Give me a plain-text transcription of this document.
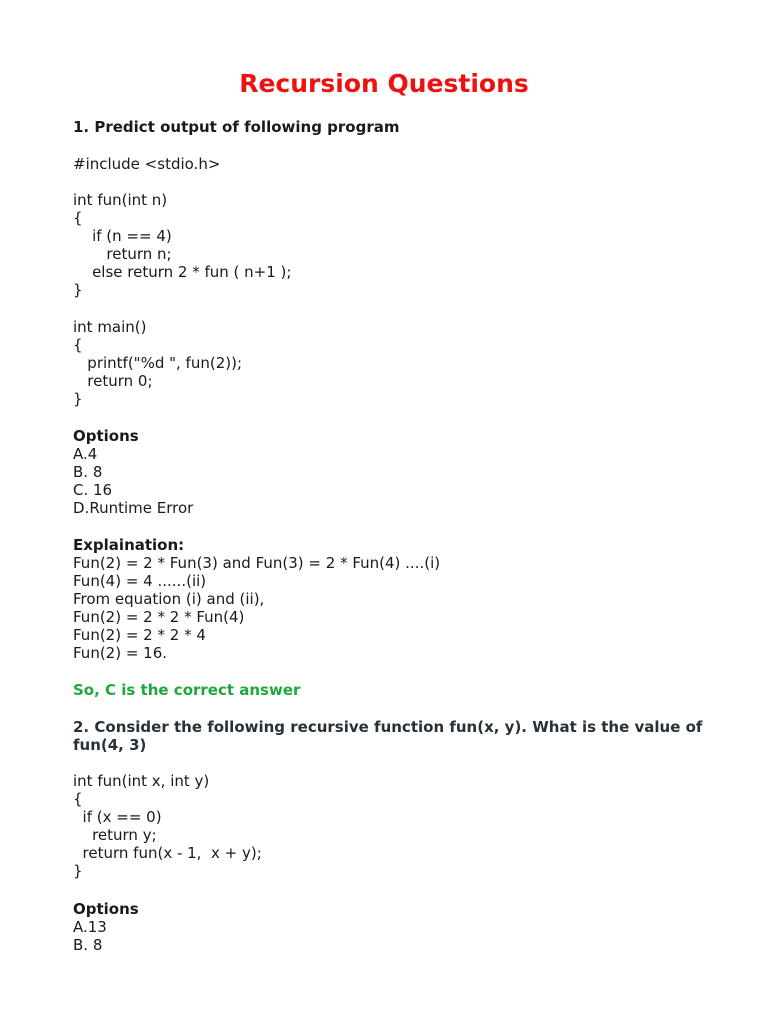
Recursion Questions
1. Predict output of following program
#include <stdio.h>
int fun(int n)
{
if (n == 4)
return n;
else return 2 * fun ( n+1 );
}
int main()
{
printf("%d ", fun(2));
return 0;
}
Options
A.4
B. 8
C. 16
D.Runtime Error
Explaination:
Fun(2) = 2 * Fun(3) and Fun(3) = 2 * Fun(4) ....(i)
Fun(4) = 4 ......(ii)
From equation (i) and (ii),
Fun(2) = 2 * 2 * Fun(4)
Fun(2) = 2 * 2 * 4
Fun(2) = 16.
So, C is the correct answer
2. Consider the following recursive function fun(x, y). What is the value of
fun(4, 3)
int fun(int x, int y)
{
if (x == 0)
return y;
return fun(x - 1,  x + y);
}
Options
A.13
B. 8
